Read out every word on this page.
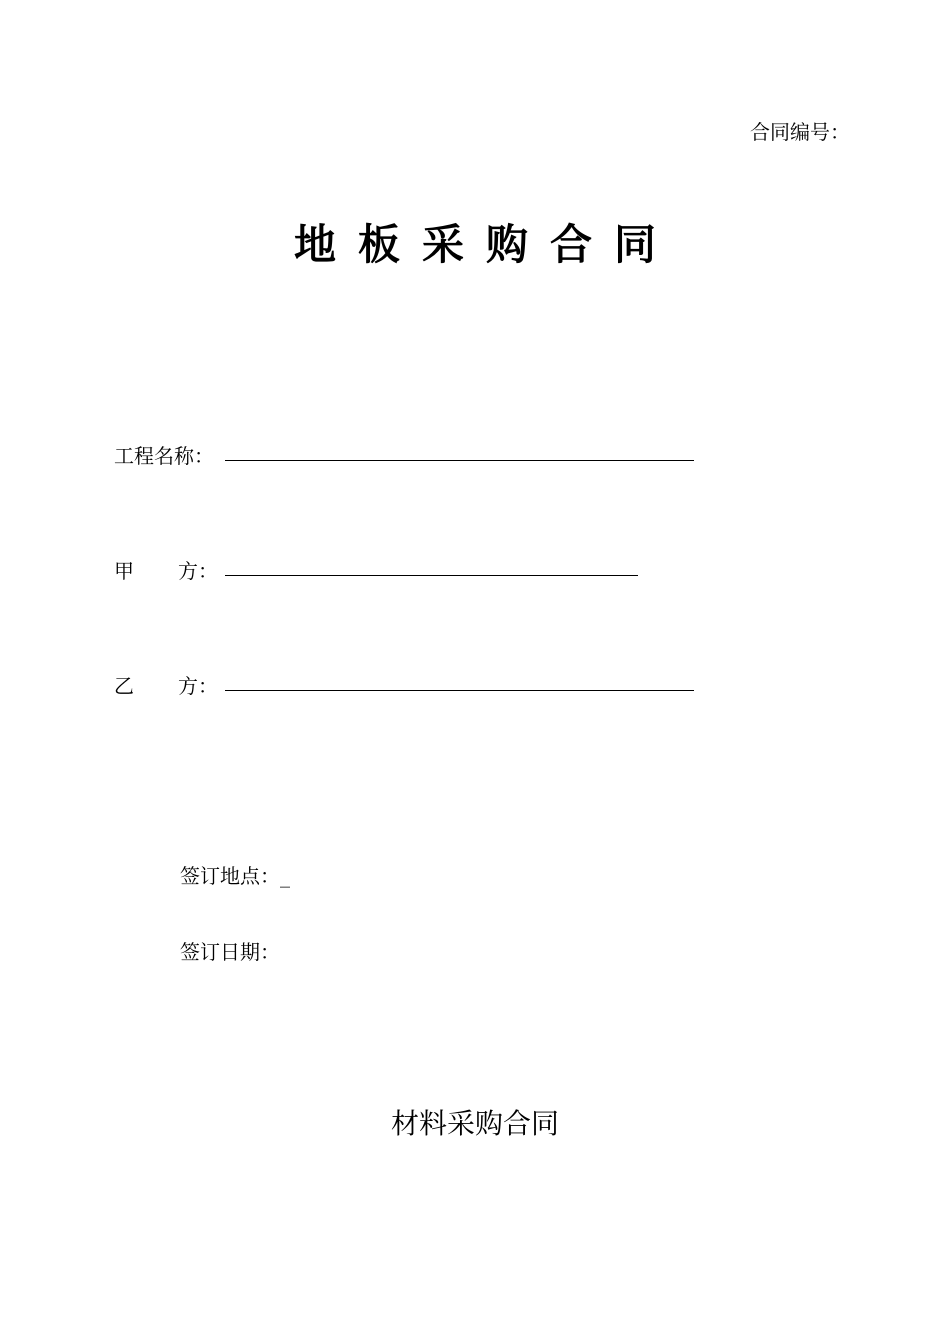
合同编号：
地板采购合同
工程名称：
甲 方：
乙 方：
签订地点：_
签订日期：
材料采购合同
